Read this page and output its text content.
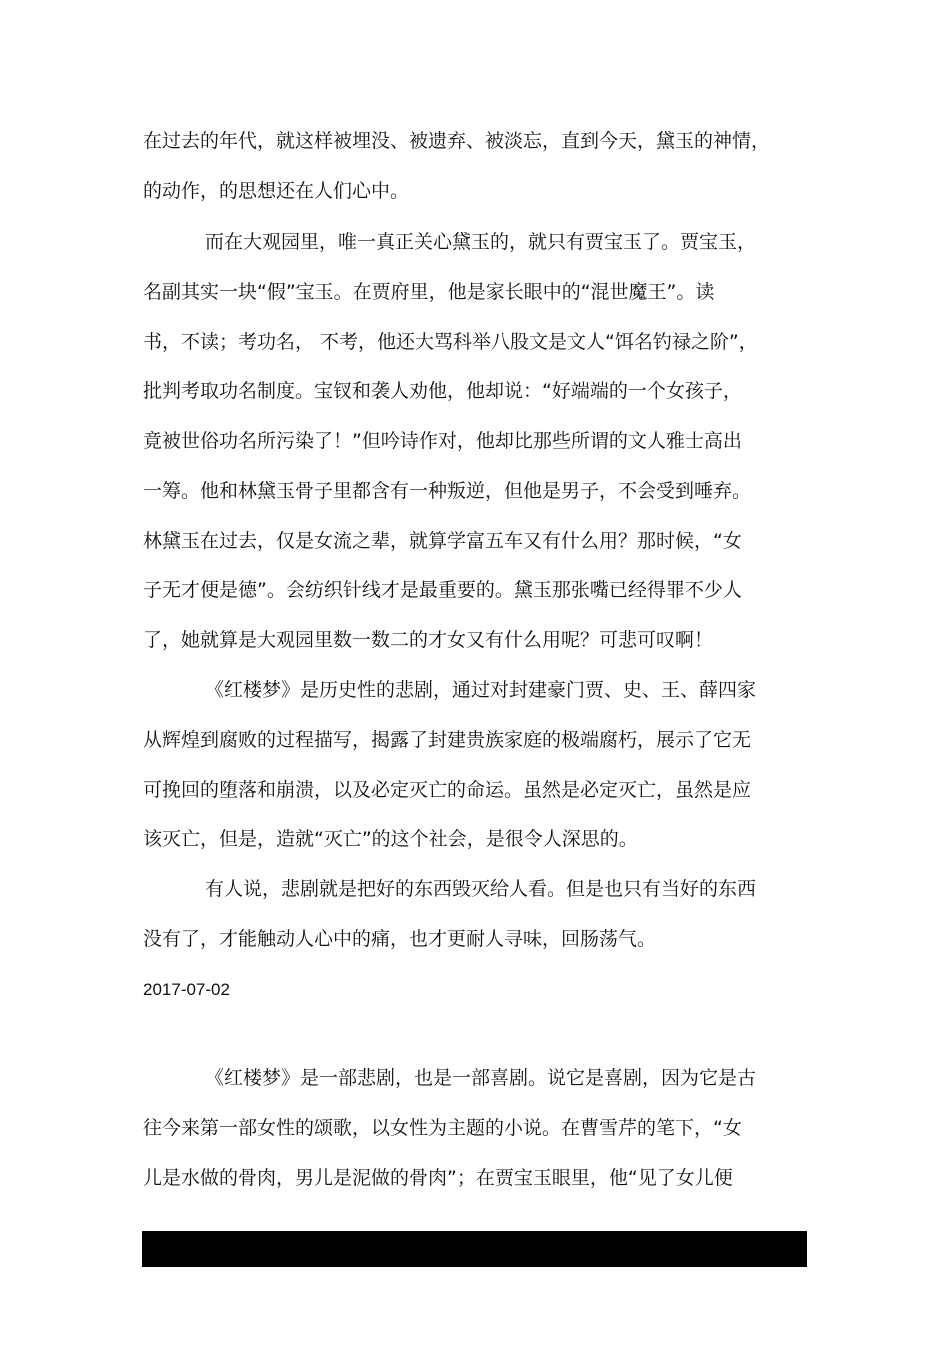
在过去的年代，就这样被埋没、被遗弃、被淡忘，直到今天，黛玉的神情，
的动作，的思想还在人们心中。
而在大观园里，唯一真正关心黛玉的，就只有贾宝玉了。贾宝玉，
名副其实一块“假”宝玉。在贾府里，他是家长眼中的“混世魔王”。读
书，不读；考功名， 不考，他还大骂科举八股文是文人“饵名钓禄之阶”，
批判考取功名制度。宝钗和袭人劝他，他却说：“好端端的一个女孩子，
竟被世俗功名所污染了！”但吟诗作对，他却比那些所谓的文人雅士高出
一筹。他和林黛玉骨子里都含有一种叛逆，但他是男子，不会受到唾弃。
林黛玉在过去，仅是女流之辈，就算学富五车又有什么用？那时候，“女
子无才便是德”。会纺织针线才是最重要的。黛玉那张嘴已经得罪不少人
了，她就算是大观园里数一数二的才女又有什么用呢？可悲可叹啊！
《红楼梦》是历史性的悲剧，通过对封建豪门贾、史、王、薛四家
从辉煌到腐败的过程描写，揭露了封建贵族家庭的极端腐朽，展示了它无
可挽回的堕落和崩溃，以及必定灭亡的命运。虽然是必定灭亡，虽然是应
该灭亡，但是，造就“灭亡”的这个社会，是很令人深思的。
有人说，悲剧就是把好的东西毁灭给人看。但是也只有当好的东西
没有了，才能触动人心中的痛，也才更耐人寻味，回肠荡气。
2017-07-02
《红楼梦》是一部悲剧，也是一部喜剧。说它是喜剧，因为它是古
往今来第一部女性的颂歌，以女性为主题的小说。在曹雪芹的笔下，“女
儿是水做的骨肉，男儿是泥做的骨肉”；在贾宝玉眼里，他“见了女儿便
